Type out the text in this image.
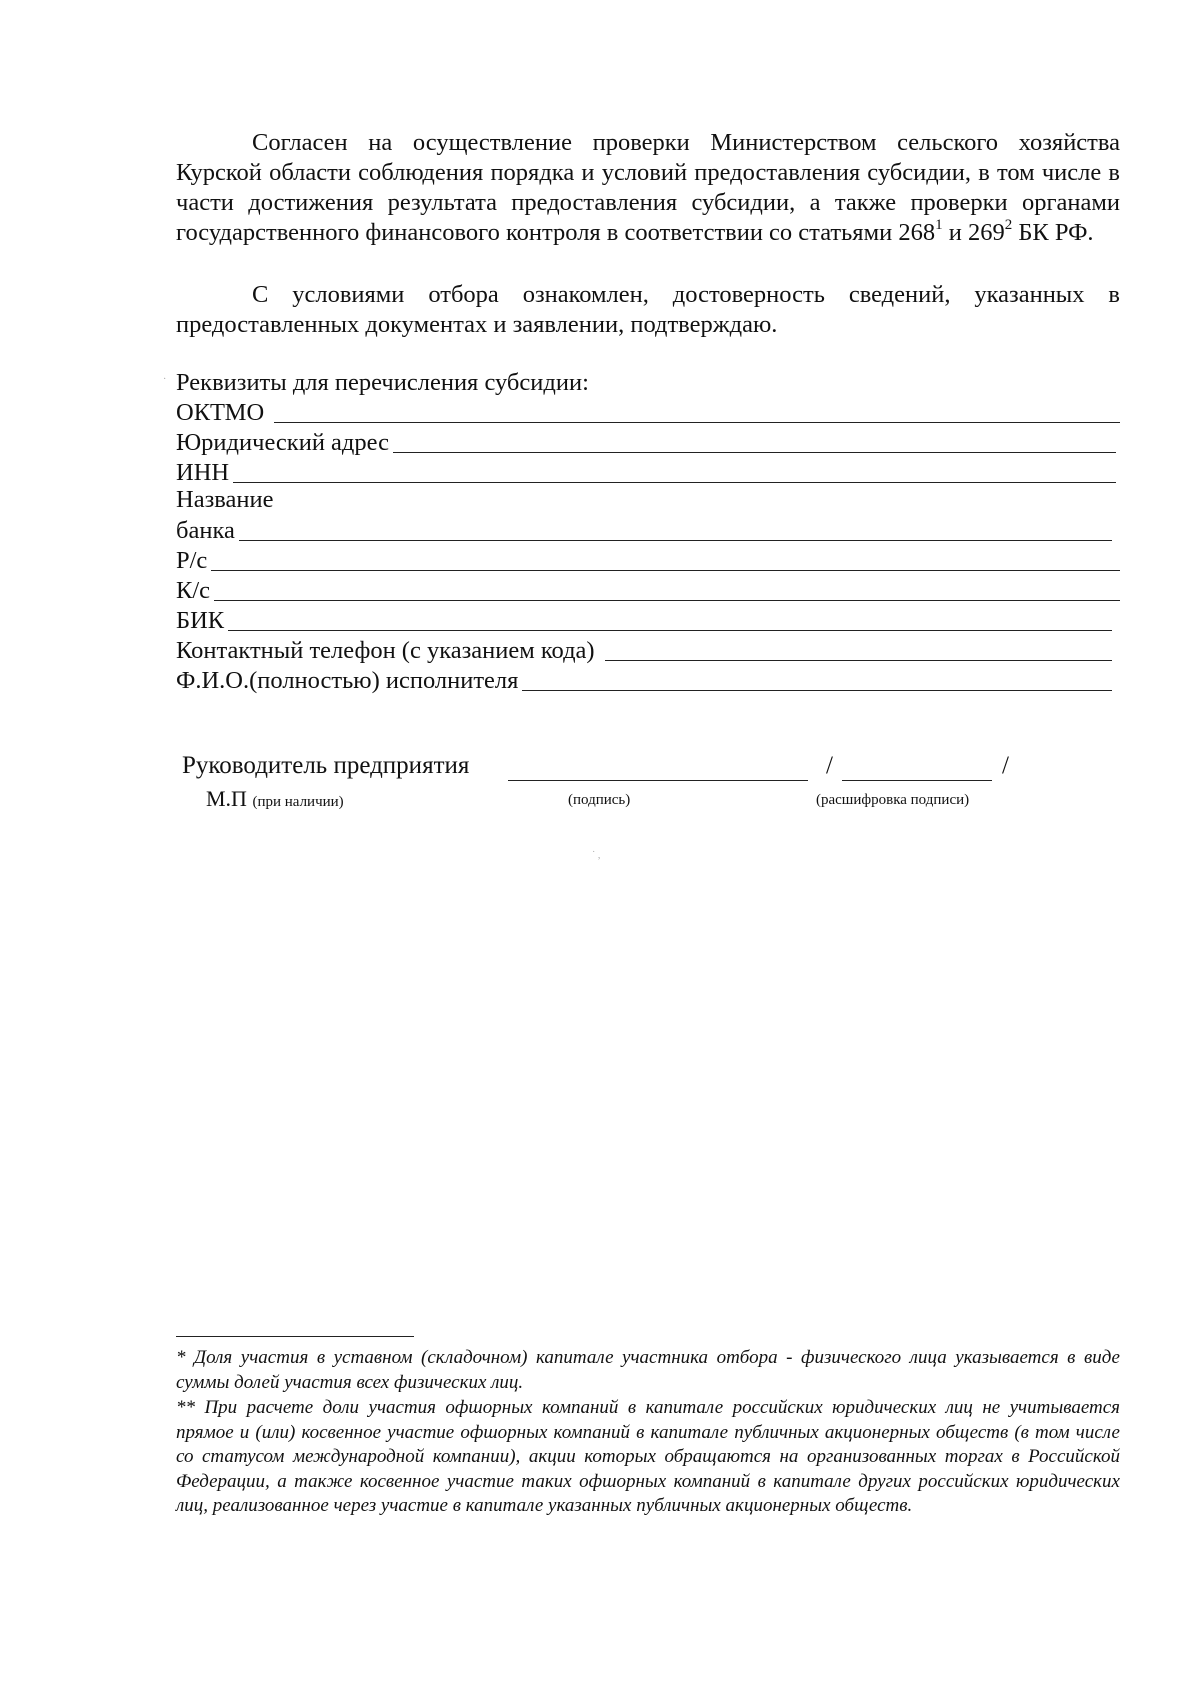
Согласен на осуществление проверки Министерством сельского хозяйства Курской области соблюдения порядка и условий предоставления субсидии, в том числе в части достижения результата предоставления субсидии, а также проверки органами государственного финансового контроля в соответствии со статьями $268^1$ и $269^2$ БК РФ.

С условиями отбора ознакомлен, достоверность сведений, указанных в предоставленных документах и заявлении, подтверждаю.

· Реквизиты для перечисления субсидии:

ОКТМО
Юридический адрес
ИНН
Название
банка
Р/с
К/с
БИК
Контактный телефон (с указанием кода)
Ф.И.О.(полностью) исполнителя
Руководитель предприятия	/	/
М.П (при наличии)	(подпись)	(расшифровка подписи)
˙ ,

* Доля участия в уставном (складочном) капитале участника отбора - физического лица указывается в виде суммы долей участия всех физических лиц.

** При расчете доли участия офшорных компаний в капитале российских юридических лиц не учитывается прямое и (или) косвенное участие офшорных компаний в капитале публичных акционерных обществ (в том числе со статусом международной компании), акции которых обращаются на организованных торгах в Российской Федерации, а также косвенное участие таких офшорных компаний в капитале других российских юридических лиц, реализованное через участие в капитале указанных публичных акционерных обществ.
